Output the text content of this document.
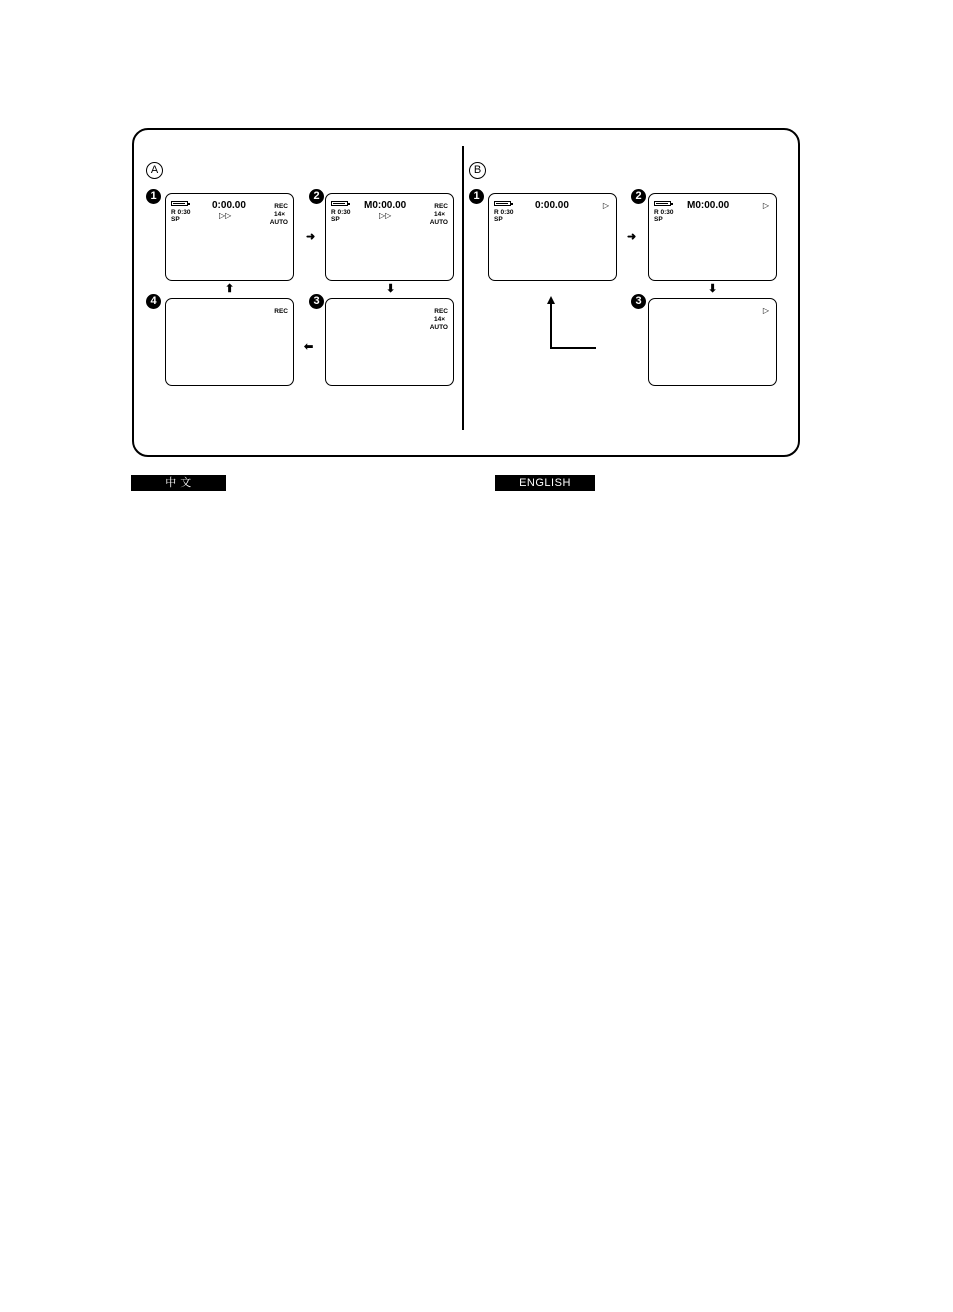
A
1
R 0:30
SP
0:00.00
▷▷
REC
14×
AUTO
➜
2
R 0:30
SP
M0:00.00
▷▷
REC
14×
AUTO
⬇
⬆
4
REC
⬅
3
REC
14×
AUTO
B
1
R 0:30
SP
0:00.00	▷
➜
2
R 0:30
SP
M0:00.00	▷
⬇
3
▷
中 文	ENGLISH
